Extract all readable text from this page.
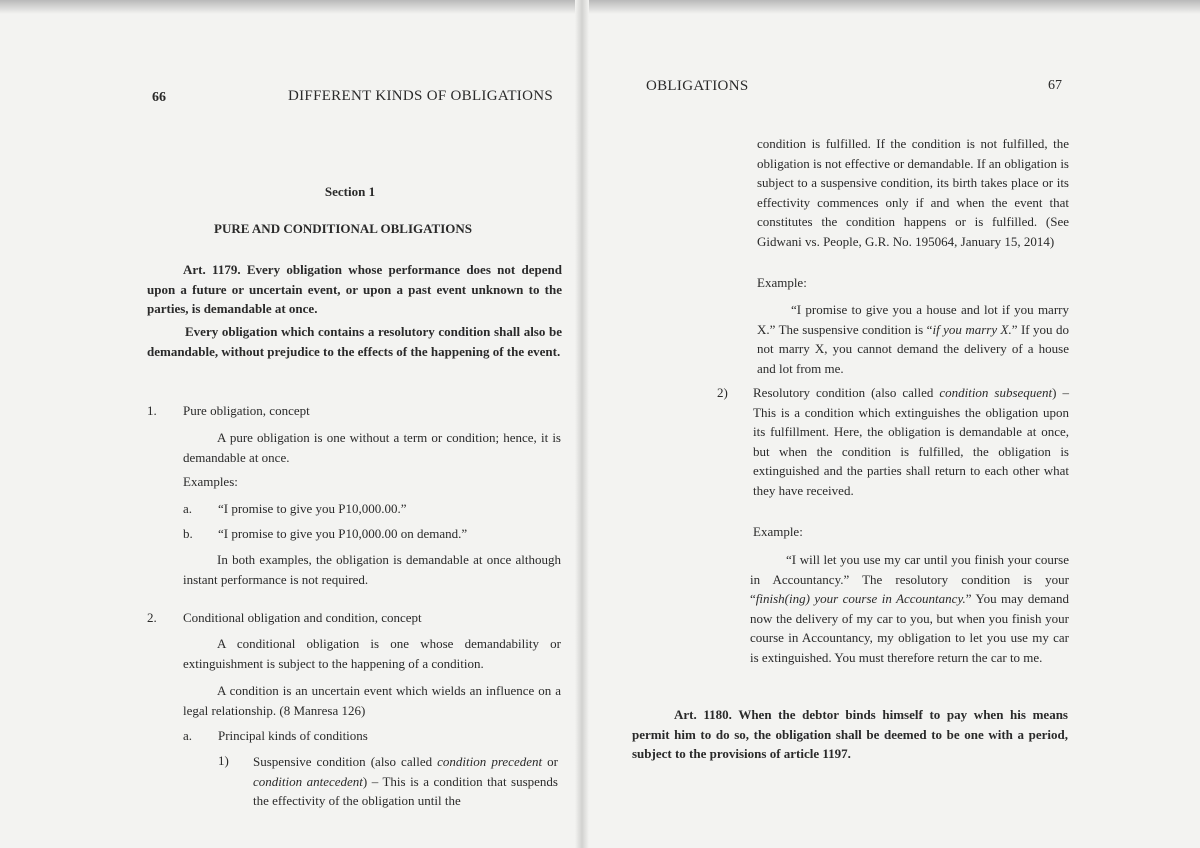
66	DIFFERENT KINDS OF OBLIGATIONS
Section 1
PURE AND CONDITIONAL OBLIGATIONS
Art. 1179. Every obligation whose performance does not depend upon a future or uncertain event, or upon a past event unknown to the parties, is demandable at once.
Every obligation which contains a resolutory condition shall also be demandable, without prejudice to the effects of the happening of the event.
1. Pure obligation, concept
A pure obligation is one without a term or condition; hence, it is demandable at once.
Examples:
a. “I promise to give you P10,000.00.”
b. “I promise to give you P10,000.00 on demand.”
In both examples, the obligation is demandable at once although instant performance is not required.
2. Conditional obligation and condition, concept
A conditional obligation is one whose demandability or extinguishment is subject to the happening of a condition.
A condition is an uncertain event which wields an influence on a legal relationship. (8 Manresa 126)
a. Principal kinds of conditions
1) Suspensive condition (also called condition precedent or condition antecedent) – This is a condition that suspends the effectivity of the obligation until the
OBLIGATIONS	67
condition is fulfilled. If the condition is not fulfilled, the obligation is not effective or demandable. If an obligation is subject to a suspensive condition, its birth takes place or its effectivity commences only if and when the event that constitutes the condition happens or is fulfilled. (See Gidwani vs. People, G.R. No. 195064, January 15, 2014)
Example:
“I promise to give you a house and lot if you marry X.” The suspensive condition is “if you marry X.” If you do not marry X, you cannot demand the delivery of a house and lot from me.
2) Resolutory condition (also called condition subsequent) – This is a condition which extinguishes the obligation upon its fulfillment. Here, the obligation is demandable at once, but when the condition is fulfilled, the obligation is extinguished and the parties shall return to each other what they have received.
Example:
“I will let you use my car until you finish your course in Accountancy.” The resolutory condition is your “finish(ing) your course in Accountancy.” You may demand now the delivery of my car to you, but when you finish your course in Accountancy, my obligation to let you use my car is extinguished. You must therefore return the car to me.
Art. 1180. When the debtor binds himself to pay when his means permit him to do so, the obligation shall be deemed to be one with a period, subject to the provisions of article 1197.
